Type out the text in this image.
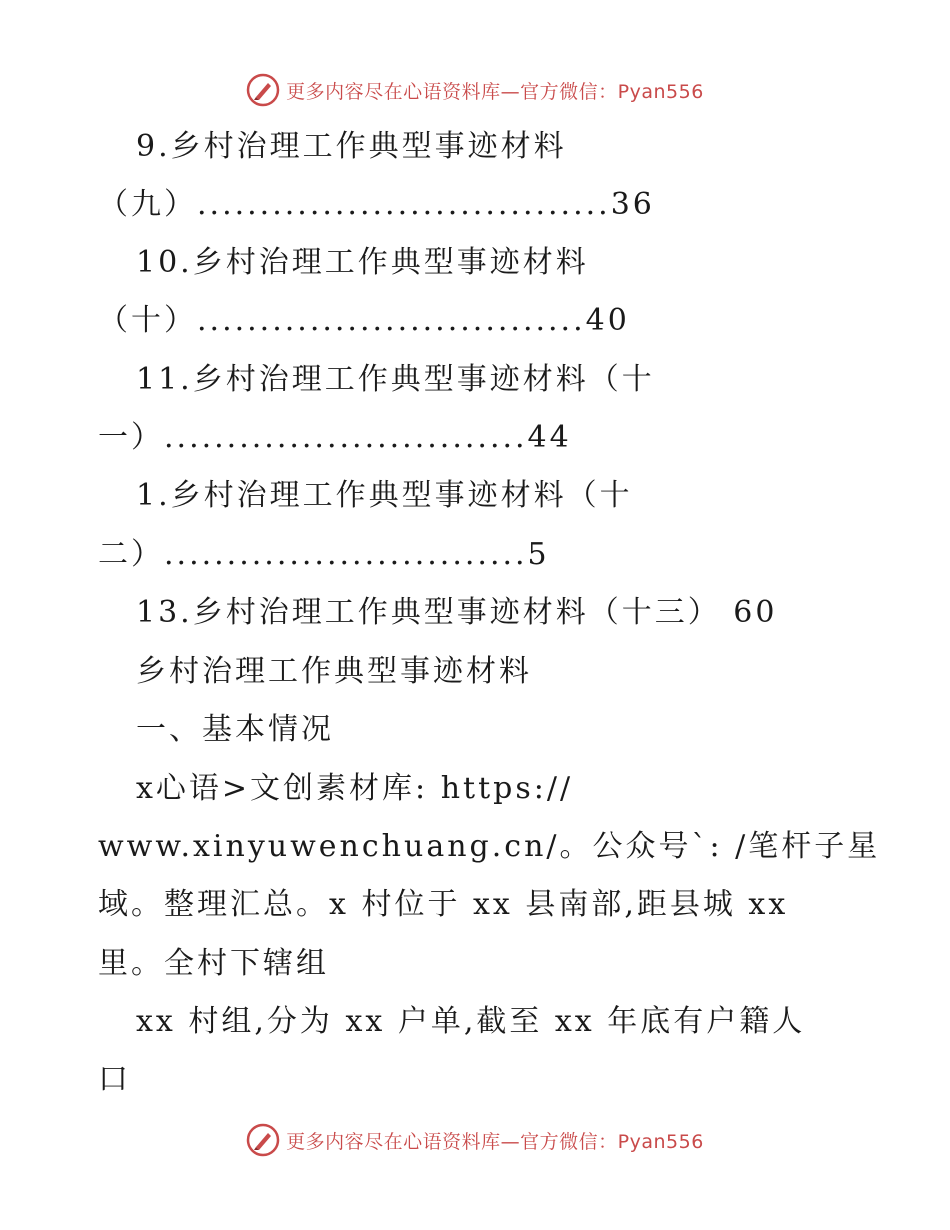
更多内容尽在心语资料库—官方微信：Pyan556
9.乡村治理工作典型事迹材料
（九）.................................36
10.乡村治理工作典型事迹材料
（十）...............................40
11.乡村治理工作典型事迹材料（十
一）.............................44
1.乡村治理工作典型事迹材料（十
二）.............................5
13.乡村治理工作典型事迹材料（十三） 60
乡村治理工作典型事迹材料
一、基本情况
x心语>文创素材库: https://
www.xinyuwenchuang.cn/。公众号`: /笔杆子星
域。整理汇总。x 村位于 xx 县南部,距县城 xx
里。全村下辖组
xx 村组,分为 xx 户单,截至 xx 年底有户籍人
口
更多内容尽在心语资料库—官方微信：Pyan556
